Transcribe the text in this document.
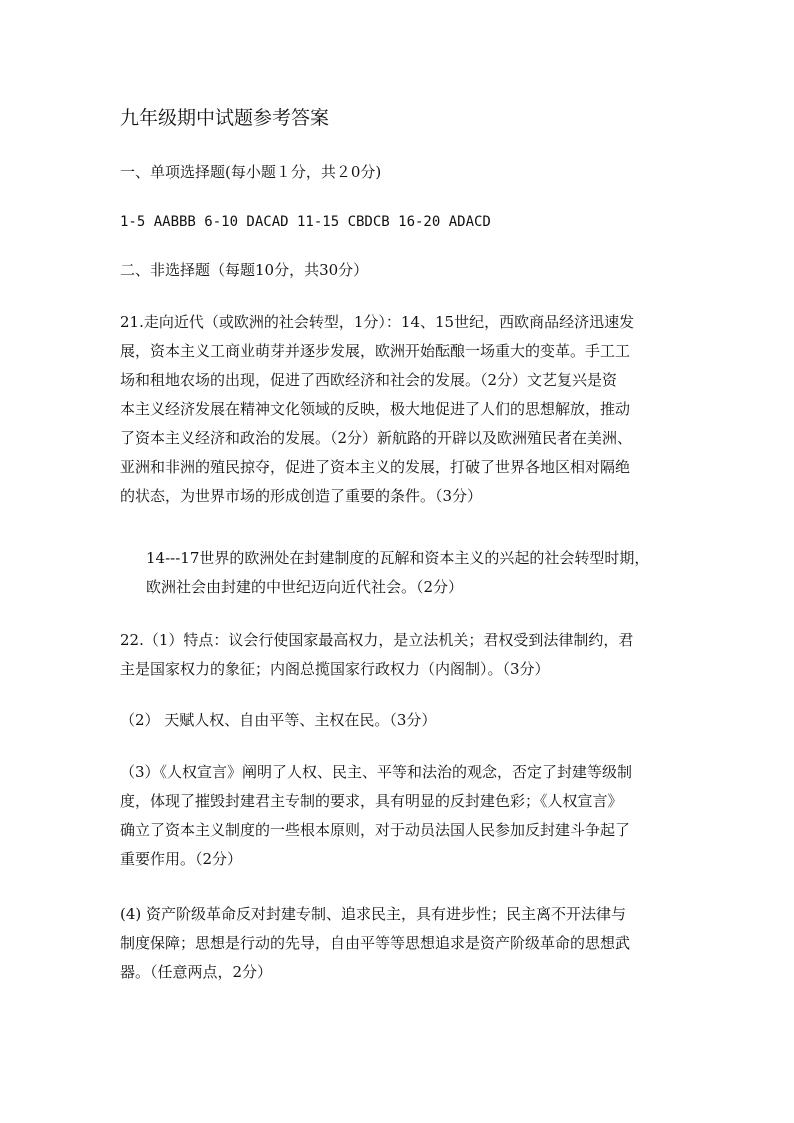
九年级期中试题参考答案
一、单项选择题(每小题１分，共２0分)
1-5 AABBB 6-10 DACAD 11-15 CBDCB 16-20 ADACD
二、非选择题（每题10分，共30分）
21.走向近代（或欧洲的社会转型，1分）：14、15世纪，西欧商品经济迅速发
展，资本主义工商业萌芽并逐步发展，欧洲开始酝酿一场重大的变革。手工工
场和租地农场的出现，促进了西欧经济和社会的发展。（2分）文艺复兴是资
本主义经济发展在精神文化领域的反映，极大地促进了人们的思想解放，推动
了资本主义经济和政治的发展。（2分）新航路的开辟以及欧洲殖民者在美洲、
亚洲和非洲的殖民掠夺，促进了资本主义的发展，打破了世界各地区相对隔绝
的状态，为世界市场的形成创造了重要的条件。（3分）
14---17世界的欧洲处在封建制度的瓦解和资本主义的兴起的社会转型时期，
欧洲社会由封建的中世纪迈向近代社会。（2分）
22.（1）特点：议会行使国家最高权力，是立法机关；君权受到法律制约，君
主是国家权力的象征；内阁总揽国家行政权力（内阁制）。（3分）
（2） 天赋人权、自由平等、主权在民。（3分）
（3）《人权宣言》阐明了人权、民主、平等和法治的观念，否定了封建等级制
度，体现了摧毁封建君主专制的要求，具有明显的反封建色彩；《人权宣言》
确立了资本主义制度的一些根本原则，对于动员法国人民参加反封建斗争起了
重要作用。（2分）
(4) 资产阶级革命反对封建专制、追求民主，具有进步性；民主离不开法律与
制度保障；思想是行动的先导，自由平等等思想追求是资产阶级革命的思想武
器。（任意两点，2分）
